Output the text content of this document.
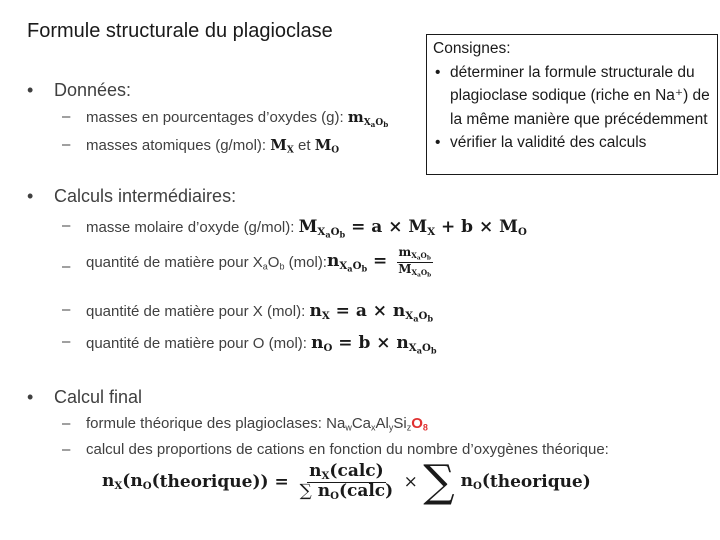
Formule structurale du plagioclase
Consignes:
• déterminer la formule structurale du plagioclase sodique (riche en Na⁺) de la même manière que précédemment
• vérifier la validité des calculs
• Données:
– masses en pourcentages d’oxydes (g): $m_{X_aO_b}$
– masses atomiques (g/mol): $M_X$ et $M_O$
• Calculs intermédiaires:
– masse molaire d’oxyde (g/mol): $M_{X_aO_b} = a \times M_X + b \times M_O$
– quantité de matière pour $X_aO_b$ $(mol):n_{X_aO_b} = \frac{m_{X_aO_b}}{M_{X_aO_b}}$
– quantité de matière pour X (mol): $n_X = a \times n_{X_aO_b}$
– quantité de matière pour O (mol): $n_O = b \times n_{X_aO_b}$
• Calcul final
– formule théorique des plagioclases: $Na_wCa_xAl_ySi_zO_8$
– calcul des proportions de cations en fonction du nombre d’oxygènes théorique:
$n_X(n_O(theorique)) = \frac{n_X(calc)}{\sum n_O(calc)}$ × ∑ $n_O(theorique)$
